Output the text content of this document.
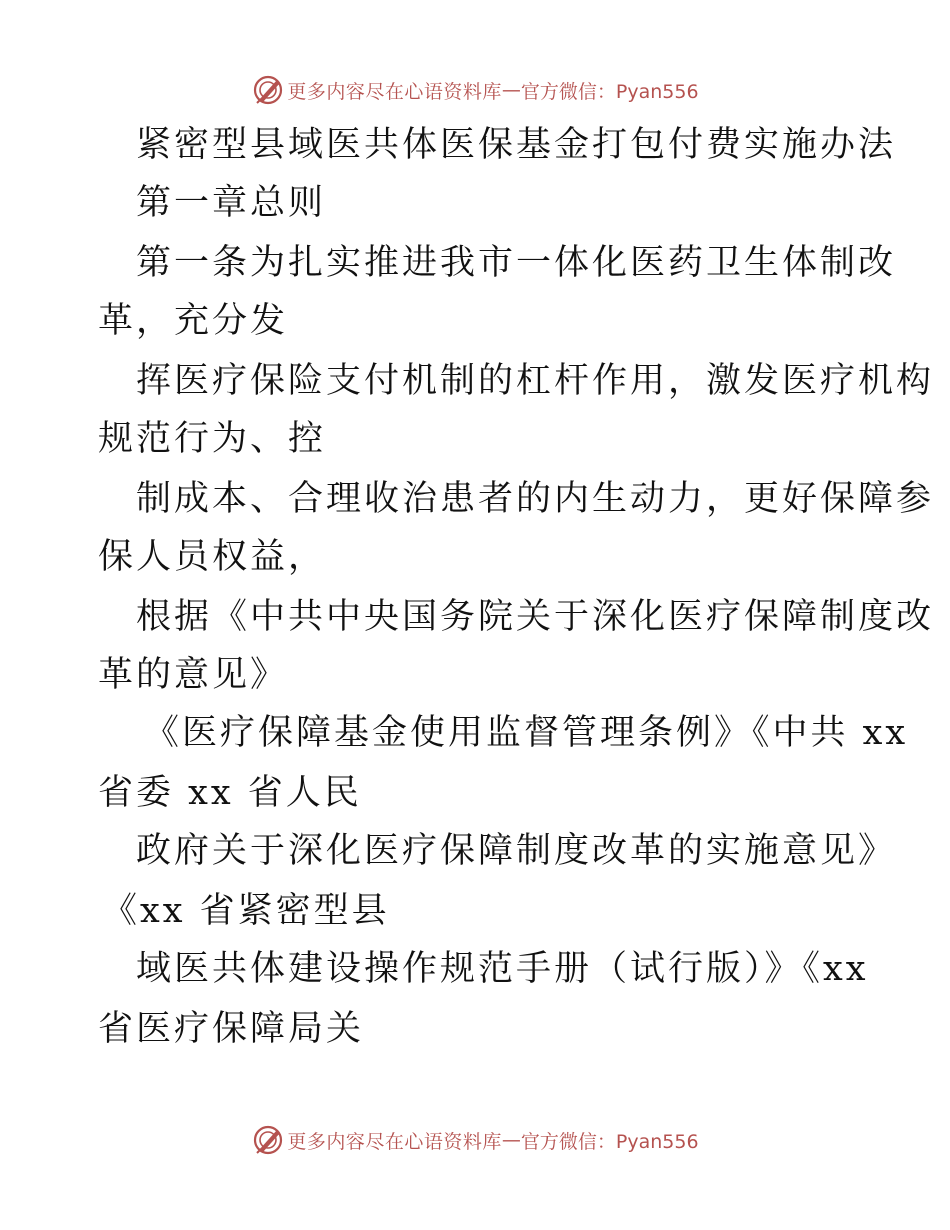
更多内容尽在心语资料库 — 官方微信：Pyan556
紧密型县域医共体医保基金打包付费实施办法
第一章总则
第一条为扎实推进我市一体化医药卫生体制改
革，充分发
挥医疗保险支付机制的杠杆作用，激发医疗机构
规范行为、控
制成本、合理收治患者的内生动力，更好保障参
保人员权益，
根据《中共中央国务院关于深化医疗保障制度改
革的意见》
《医疗保障基金使用监督管理条例》《中共 xx
省委 xx 省人民
政府关于深化医疗保障制度改革的实施意见》
《xx 省紧密型县
域医共体建设操作规范手册（试行版）》《xx
省医疗保障局关
更多内容尽在心语资料库 — 官方微信：Pyan556
